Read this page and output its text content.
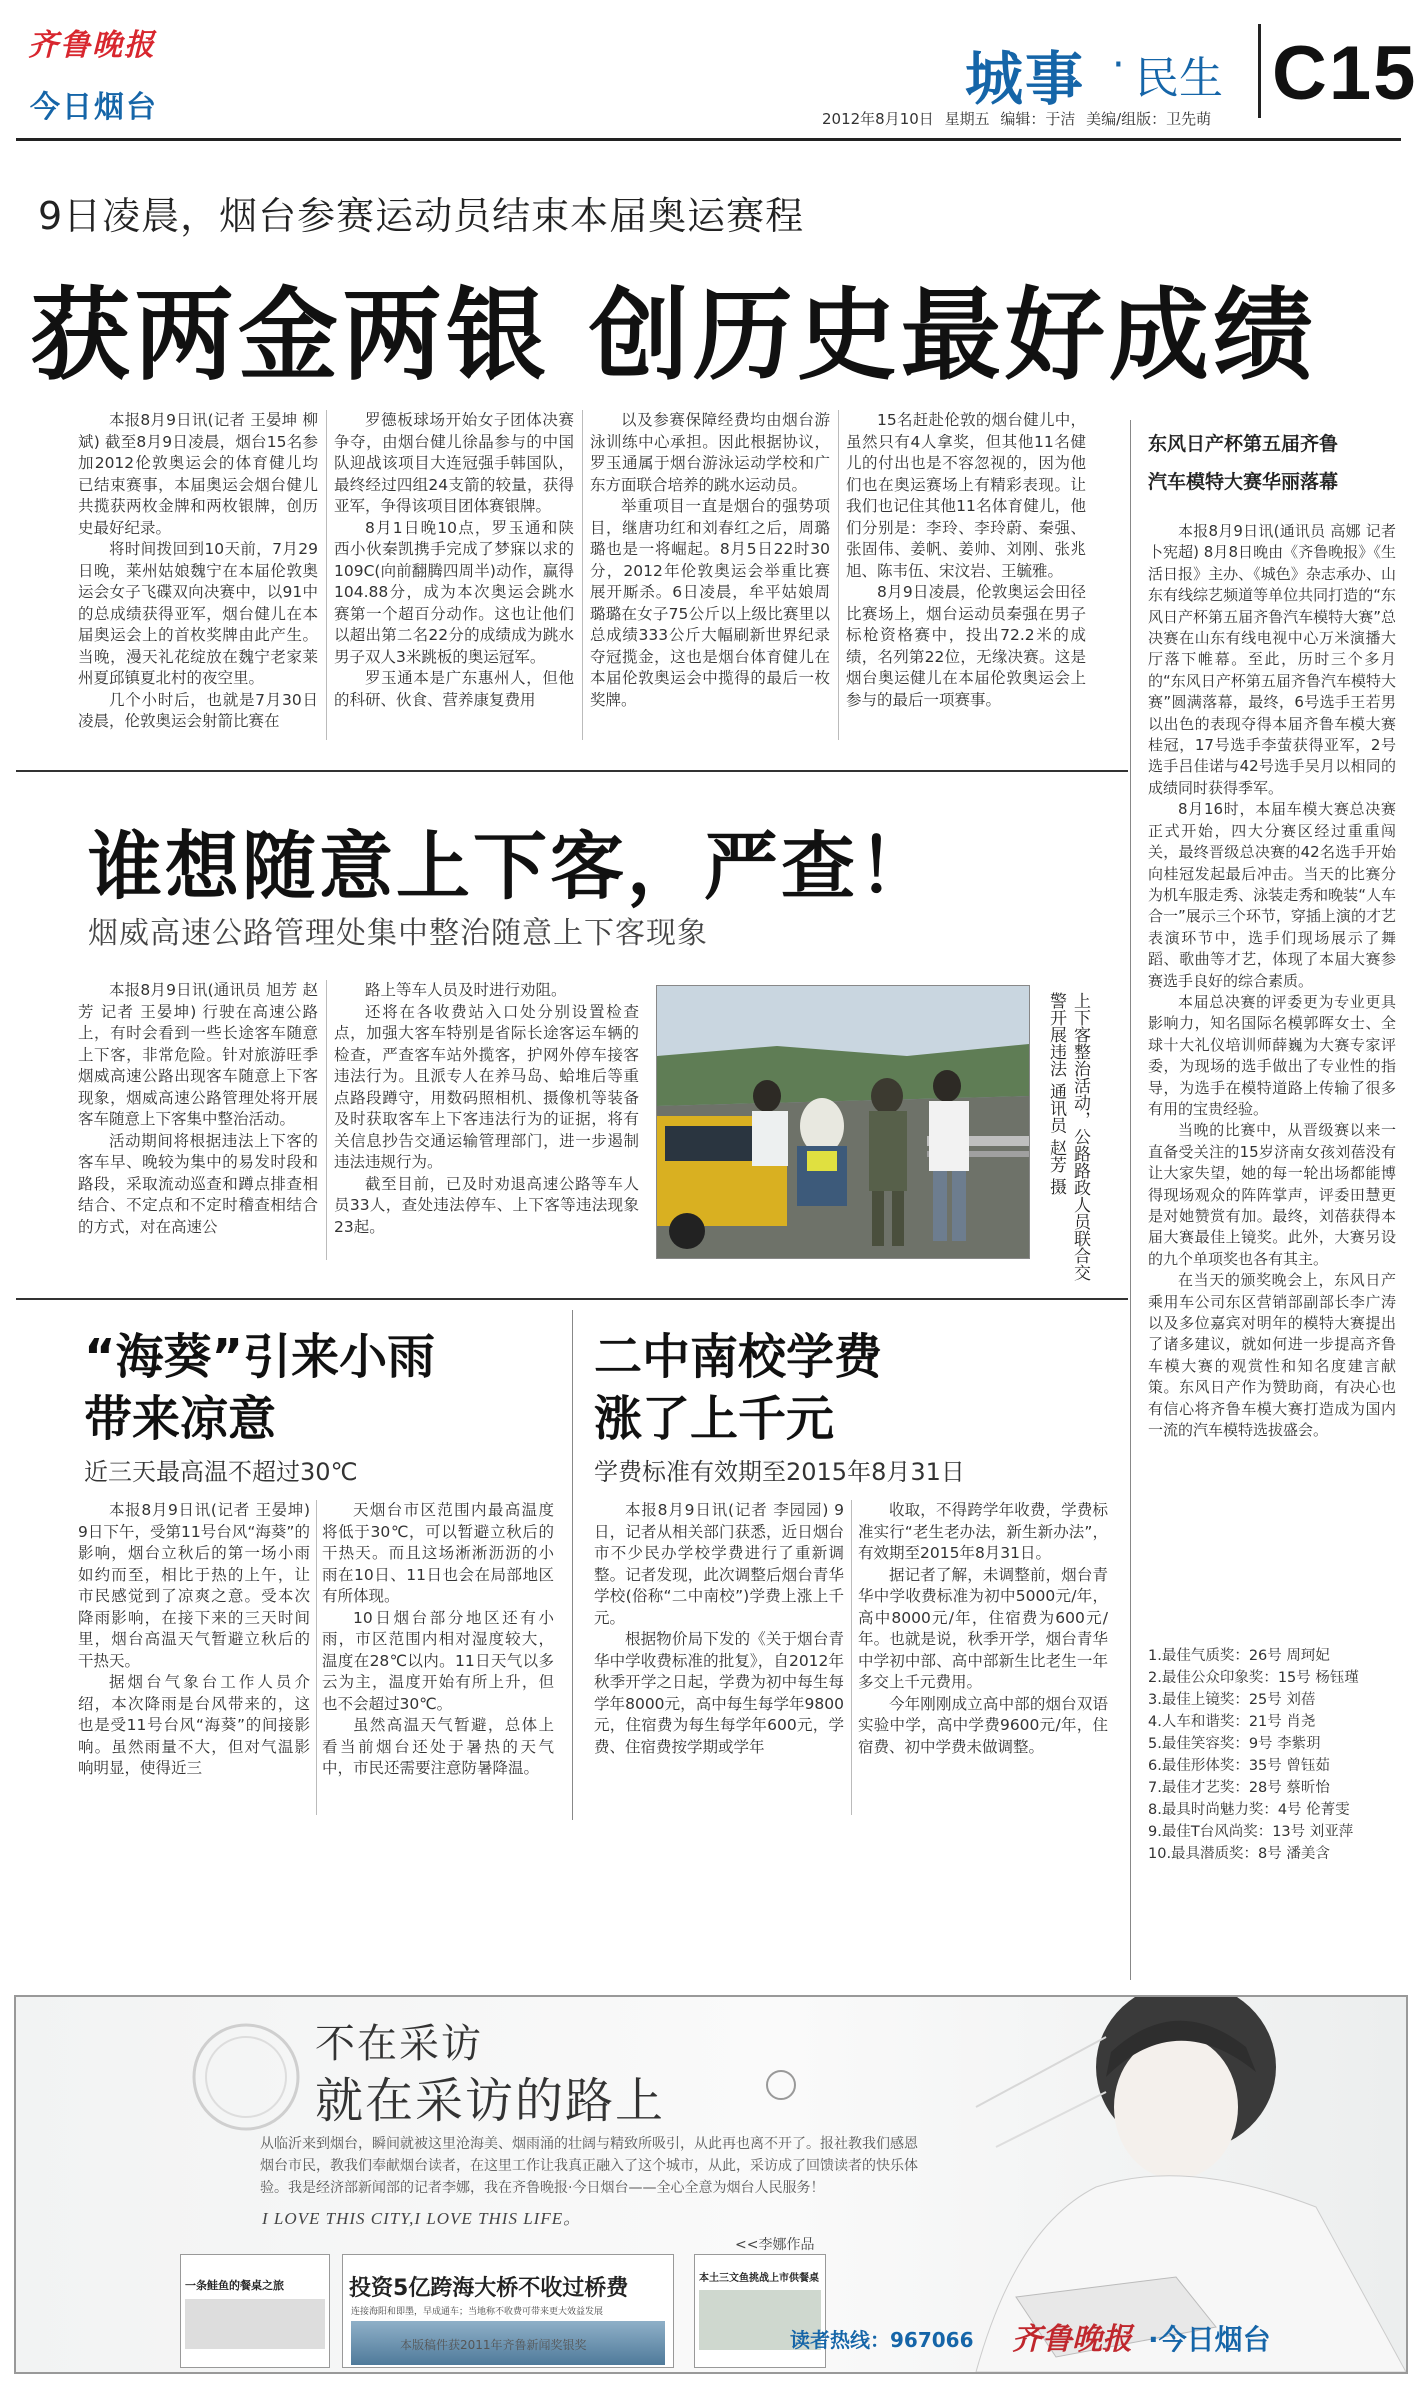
齐鲁晚报
今日烟台	城事 · 民生 C15
2012年8月10日 星期五 编辑：于洁 美编/组版：卫先萌
9日凌晨，烟台参赛运动员结束本届奥运赛程
获两金两银 创历史最好成绩

本报8月9日讯(记者 王晏坤 柳斌) 截至8月9日凌晨，烟台15名参加2012伦敦奥运会的体育健儿均已结束赛事，本届奥运会烟台健儿共揽获两枚金牌和两枚银牌，创历史最好纪录。

将时间拨回到10天前，7月29日晚，莱州姑娘魏宁在本届伦敦奥运会女子飞碟双向决赛中，以91中的总成绩获得亚军，烟台健儿在本届奥运会上的首枚奖牌由此产生。当晚，漫天礼花绽放在魏宁老家莱州夏邱镇夏北村的夜空里。

几个小时后，也就是7月30日凌晨，伦敦奥运会射箭比赛在

罗德板球场开始女子团体决赛争夺，由烟台健儿徐晶参与的中国队迎战该项目大连冠强手韩国队，最终经过四组24支箭的较量，获得亚军，争得该项目团体赛银牌。

8月1日晚10点，罗玉通和陕西小伙秦凯携手完成了梦寐以求的109C(向前翻腾四周半)动作，赢得104.88分，成为本次奥运会跳水赛第一个超百分动作。这也让他们以超出第二名22分的成绩成为跳水男子双人3米跳板的奥运冠军。

罗玉通本是广东惠州人，但他的科研、伙食、营养康复费用

以及参赛保障经费均由烟台游泳训练中心承担。因此根据协议，罗玉通属于烟台游泳运动学校和广东方面联合培养的跳水运动员。

举重项目一直是烟台的强势项目，继唐功红和刘春红之后，周璐璐也是一将崛起。8月5日22时30分，2012年伦敦奥运会举重比赛展开厮杀。6日凌晨，牟平姑娘周璐璐在女子75公斤以上级比赛里以总成绩333公斤大幅刷新世界纪录夺冠揽金，这也是烟台体育健儿在本届伦敦奥运会中揽得的最后一枚奖牌。

15名赶赴伦敦的烟台健儿中，虽然只有4人拿奖，但其他11名健儿的付出也是不容忽视的，因为他们也在奥运赛场上有精彩表现。让我们也记住其他11名体育健儿，他们分别是：李玲、李玲蔚、秦强、张固伟、姜帆、姜帅、刘刚、张兆旭、陈韦伍、宋汶岩、王毓雅。

8月9日凌晨，伦敦奥运会田径比赛场上，烟台运动员秦强在男子标枪资格赛中，投出72.2米的成绩，名列第22位，无缘决赛。这是烟台奥运健儿在本届伦敦奥运会上参与的最后一项赛事。

东风日产杯第五届齐鲁
汽车模特大赛华丽落幕

本报8月9日讯(通讯员 高娜 记者 卜宪超) 8月8日晚由《齐鲁晚报》《生活日报》主办、《城色》杂志承办、山东有线综艺频道等单位共同打造的“东风日产杯第五届齐鲁汽车模特大赛”总决赛在山东有线电视中心万米演播大厅落下帷幕。至此，历时三个多月的“东风日产杯第五届齐鲁汽车模特大赛”圆满落幕，最终，6号选手王若男以出色的表现夺得本届齐鲁车模大赛桂冠，17号选手李萤获得亚军，2号选手吕佳诺与42号选手吴月以相同的成绩同时获得季军。

8月16时，本届车模大赛总决赛正式开始，四大分赛区经过重重闯关，最终晋级总决赛的42名选手开始向桂冠发起最后冲击。当天的比赛分为机车服走秀、泳装走秀和晚装“人车合一”展示三个环节，穿插上演的才艺表演环节中，选手们现场展示了舞蹈、歌曲等才艺，体现了本届大赛参赛选手良好的综合素质。

本届总决赛的评委更为专业更具影响力，知名国际名模郭晖女士、全球十大礼仪培训师薛巍为大赛专家评委，为现场的选手做出了专业性的指导，为选手在模特道路上传输了很多有用的宝贵经验。

当晚的比赛中，从晋级赛以来一直备受关注的15岁济南女孩刘蓓没有让大家失望，她的每一轮出场都能博得现场观众的阵阵掌声，评委田慧更是对她赞赏有加。最终，刘蓓获得本届大赛最佳上镜奖。此外，大赛另设的九个单项奖也各有其主。

在当天的颁奖晚会上，东风日产乘用车公司东区营销部副部长李广涛以及多位嘉宾对明年的模特大赛提出了诸多建议，就如何进一步提高齐鲁车模大赛的观赏性和知名度建言献策。东风日产作为赞助商，有决心也有信心将齐鲁车模大赛打造成为国内一流的汽车模特选拔盛会。

1.最佳气质奖：26号 周珂妃
2.最佳公众印象奖：15号 杨钰瑾
3.最佳上镜奖：25号 刘蓓
4.人车和谐奖：21号 肖尧
5.最佳笑容奖：9号 李紫玥
6.最佳形体奖：35号 曾钰茹
7.最佳才艺奖：28号 蔡昕怡
8.最具时尚魅力奖：4号 伦菁雯
9.最佳T台风尚奖：13号 刘亚萍
10.最具潜质奖：8号 潘美含
谁想随意上下客，严查！
烟威高速公路管理处集中整治随意上下客现象

本报8月9日讯(通讯员 旭芳 赵芳 记者 王晏坤) 行驶在高速公路上，有时会看到一些长途客车随意上下客，非常危险。针对旅游旺季烟威高速公路出现客车随意上下客现象，烟威高速公路管理处将开展客车随意上下客集中整治活动。

活动期间将根据违法上下客的客车早、晚较为集中的易发时段和路段，采取流动巡查和蹲点排查相结合、不定点和不定时稽查相结合的方式，对在高速公

路上等车人员及时进行劝阻。

还将在各收费站入口处分别设置检查点，加强大客车特别是省际长途客运车辆的检查，严查客车站外揽客，护网外停车接客违法行为。且派专人在养马岛、蛤堆后等重点路段蹲守，用数码照相机、摄像机等装备及时获取客车上下客违法行为的证据，将有关信息抄告交通运输管理部门，进一步遏制违法违规行为。

截至目前，已及时劝退高速公路等车人员33人，查处违法停车、上下客等违法现象23起。	上下客整治活动，公路路政人员联合交警开展违法 通讯员 赵芳 摄
“海葵”引来小雨
带来凉意
近三天最高温不超过30℃

本报8月9日讯(记者 王晏坤) 9日下午，受第11号台风“海葵”的影响，烟台立秋后的第一场小雨如约而至，相比于热的上午，让市民感觉到了凉爽之意。受本次降雨影响，在接下来的三天时间里，烟台高温天气暂避立秋后的干热天。

据烟台气象台工作人员介绍，本次降雨是台风带来的，这也是受11号台风“海葵”的间接影响。虽然雨量不大，但对气温影响明显，使得近三

天烟台市区范围内最高温度将低于30℃，可以暂避立秋后的干热天。而且这场淅淅沥沥的小雨在10日、11日也会在局部地区有所体现。

10日烟台部分地区还有小雨，市区范围内相对湿度较大，温度在28℃以内。11日天气以多云为主，温度开始有所上升，但也不会超过30℃。

虽然高温天气暂避，总体上看当前烟台还处于暑热的天气中，市民还需要注意防暑降温。

二中南校学费
涨了上千元
学费标准有效期至2015年8月31日

本报8月9日讯(记者 李园园) 9日，记者从相关部门获悉，近日烟台市不少民办学校学费进行了重新调整。记者发现，此次调整后烟台青华学校(俗称“二中南校”)学费上涨上千元。

根据物价局下发的《关于烟台青华中学收费标准的批复》，自2012年秋季开学之日起，学费为初中每生每学年8000元，高中每生每学年9800元，住宿费为每生每学年600元，学费、住宿费按学期或学年

收取，不得跨学年收费，学费标准实行“老生老办法，新生新办法”，有效期至2015年8月31日。

据记者了解，未调整前，烟台青华中学收费标准为初中5000元/年，高中8000元/年，住宿费为600元/年。也就是说，秋季开学，烟台青华中学初中部、高中部新生比老生一年多交上千元费用。

今年刚刚成立高中部的烟台双语实验中学，高中学费9600元/年，住宿费、初中学费未做调整。

不在采访
就在采访的路上
从临沂来到烟台，瞬间就被这里沧海美、烟雨涌的壮阔与精致所吸引，从此再也离不开了。报社教我们感恩烟台市民，教我们奉献烟台读者，在这里工作让我真正融入了这个城市，从此，采访成了回馈读者的快乐体验。我是经济部新闻部的记者李娜，我在齐鲁晚报·今日烟台——全心全意为烟台人民服务！
I LOVE THIS CITY,I LOVE THIS LIFE。
<<李娜作品
一条鲑鱼的餐桌之旅	投资5亿跨海大桥不收过桥费
连接海阳和即墨，早成通车；当地称不收费可带来更大效益发展
本土三文鱼挑战上市供餐桌
本版稿件获2011年齐鲁新闻奖银奖	读者热线：967066 齐鲁晚报 ·今日烟台
